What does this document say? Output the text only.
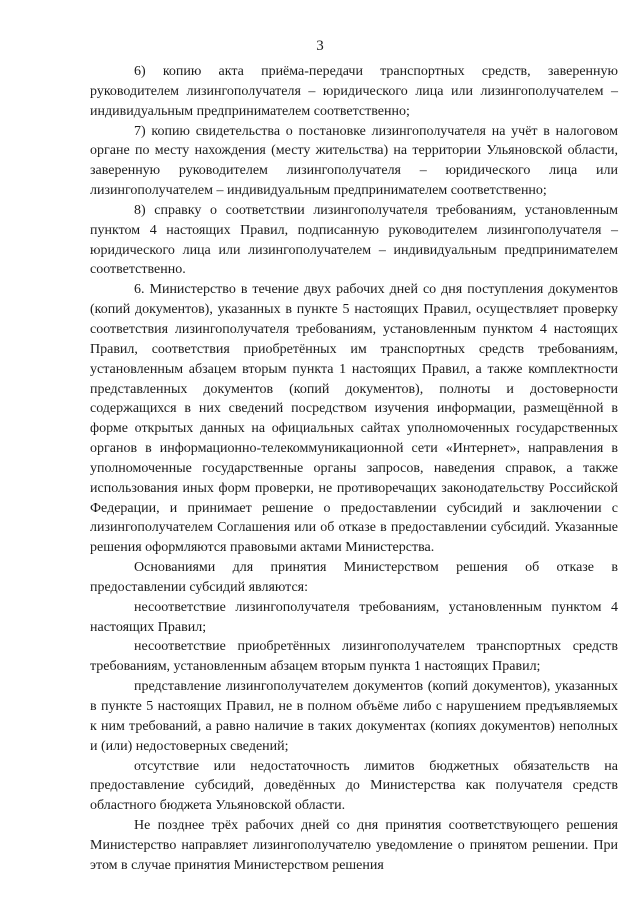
3

6) копию акта приёма-передачи транспортных средств, заверенную руководителем лизингополучателя – юридического лица или лизингополучателем – индивидуальным предпринимателем соответственно;

7) копию свидетельства о постановке лизингополучателя на учёт в налоговом органе по месту нахождения (месту жительства) на территории Ульяновской области, заверенную руководителем лизингополучателя – юридического лица или лизингополучателем – индивидуальным предпринимателем соответственно;

8) справку о соответствии лизингополучателя требованиям, установленным пунктом 4 настоящих Правил, подписанную руководителем лизингополучателя – юридического лица или лизингополучателем – индивидуальным предпринимателем соответственно.

6. Министерство в течение двух рабочих дней со дня поступления документов (копий документов), указанных в пункте 5 настоящих Правил, осуществляет проверку соответствия лизингополучателя требованиям, установленным пунктом 4 настоящих Правил, соответствия приобретённых им транспортных средств требованиям, установленным абзацем вторым пункта 1 настоящих Правил, а также комплектности представленных документов (копий документов), полноты и достоверности содержащихся в них сведений посредством изучения информации, размещённой в форме открытых данных на официальных сайтах уполномоченных государственных органов в информационно-телекоммуникационной сети «Интернет», направления в уполномоченные государственные органы запросов, наведения справок, а также использования иных форм проверки, не противоречащих законодательству Российской Федерации, и принимает решение о предоставлении субсидий и заключении с лизингополучателем Соглашения или об отказе в предоставлении субсидий. Указанные решения оформляются правовыми актами Министерства.

Основаниями для принятия Министерством решения об отказе в предоставлении субсидий являются:

несоответствие лизингополучателя требованиям, установленным пунктом 4 настоящих Правил;

несоответствие приобретённых лизингополучателем транспортных средств требованиям, установленным абзацем вторым пункта 1 настоящих Правил;

представление лизингополучателем документов (копий документов), указанных в пункте 5 настоящих Правил, не в полном объёме либо с нарушением предъявляемых к ним требований, а равно наличие в таких документах (копиях документов) неполных и (или) недостоверных сведений;

отсутствие или недостаточность лимитов бюджетных обязательств на предоставление субсидий, доведённых до Министерства как получателя средств областного бюджета Ульяновской области.

Не позднее трёх рабочих дней со дня принятия соответствующего решения Министерство направляет лизингополучателю уведомление о принятом решении. При этом в случае принятия Министерством решения
